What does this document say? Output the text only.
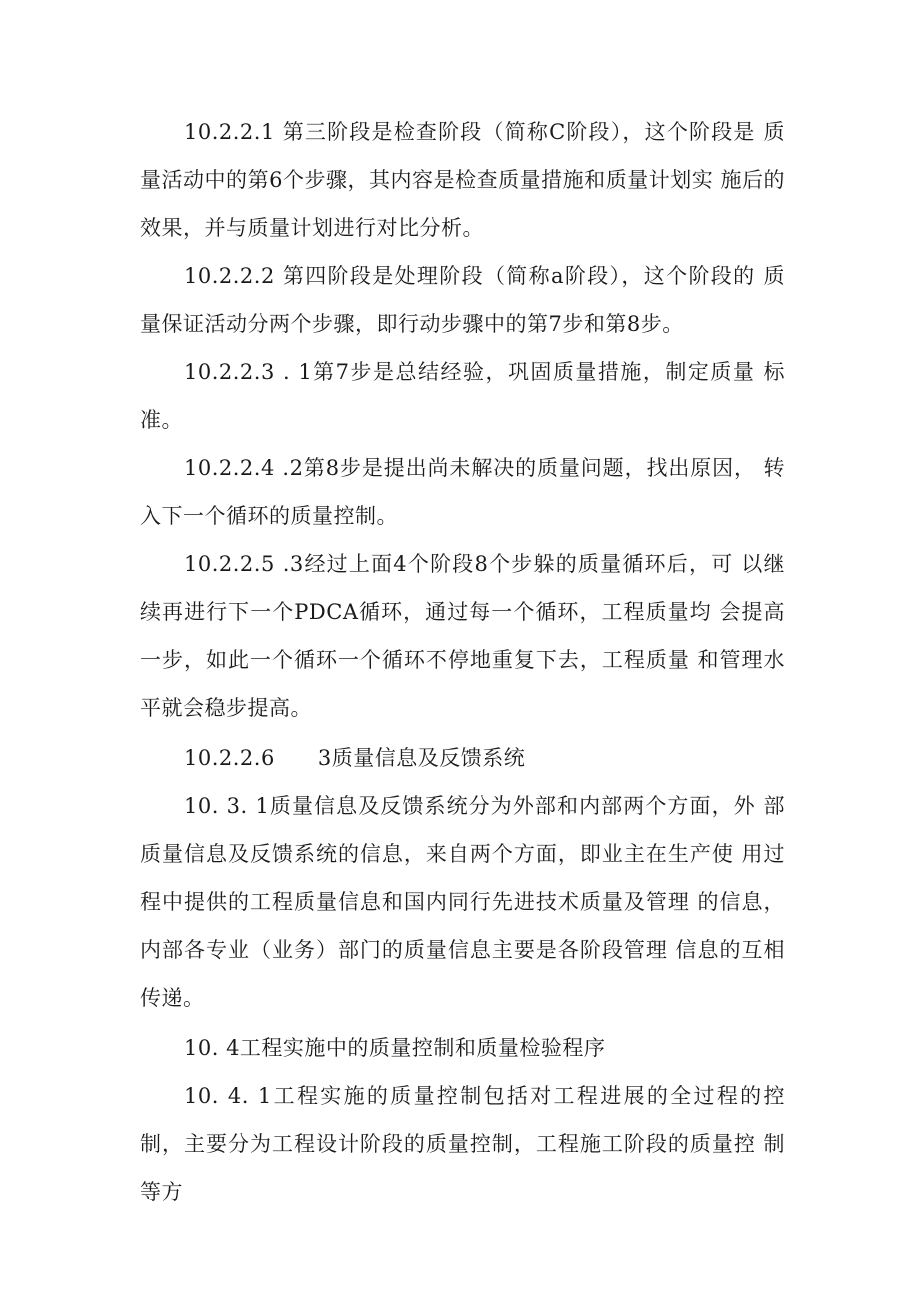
10.2.2.1 第三阶段是检查阶段（简称C阶段），这个阶段是 质量活动中的第6个步骤，其内容是检查质量措施和质量计划实 施后的效果，并与质量计划进行对比分析。

10.2.2.2 第四阶段是处理阶段（简称a阶段），这个阶段的 质量保证活动分两个步骤，即行动步骤中的第7步和第8步。

10.2.2.3 . 1第7步是总结经验，巩固质量措施，制定质量 标准。

10.2.2.4 .2第8步是提出尚未解决的质量问题，找出原因， 转入下一个循环的质量控制。

10.2.2.5 .3经过上面4个阶段8个步躲的质量循环后，可 以继续再进行下一个PDCA循环，通过每一个循环，工程质量均 会提高一步，如此一个循环一个循环不停地重复下去，工程质量 和管理水平就会稳步提高。

10.2.2.6　　3质量信息及反馈系统

10. 3. 1质量信息及反馈系统分为外部和内部两个方面，外 部质量信息及反馈系统的信息，来自两个方面，即业主在生产使 用过程中提供的工程质量信息和国内同行先进技术质量及管理 的信息，内部各专业（业务）部门的质量信息主要是各阶段管理 信息的互相传递。

10. 4工程实施中的质量控制和质量检验程序

10. 4. 1工程实施的质量控制包括对工程进展的全过程的控 制，主要分为工程设计阶段的质量控制，工程施工阶段的质量控 制等方
